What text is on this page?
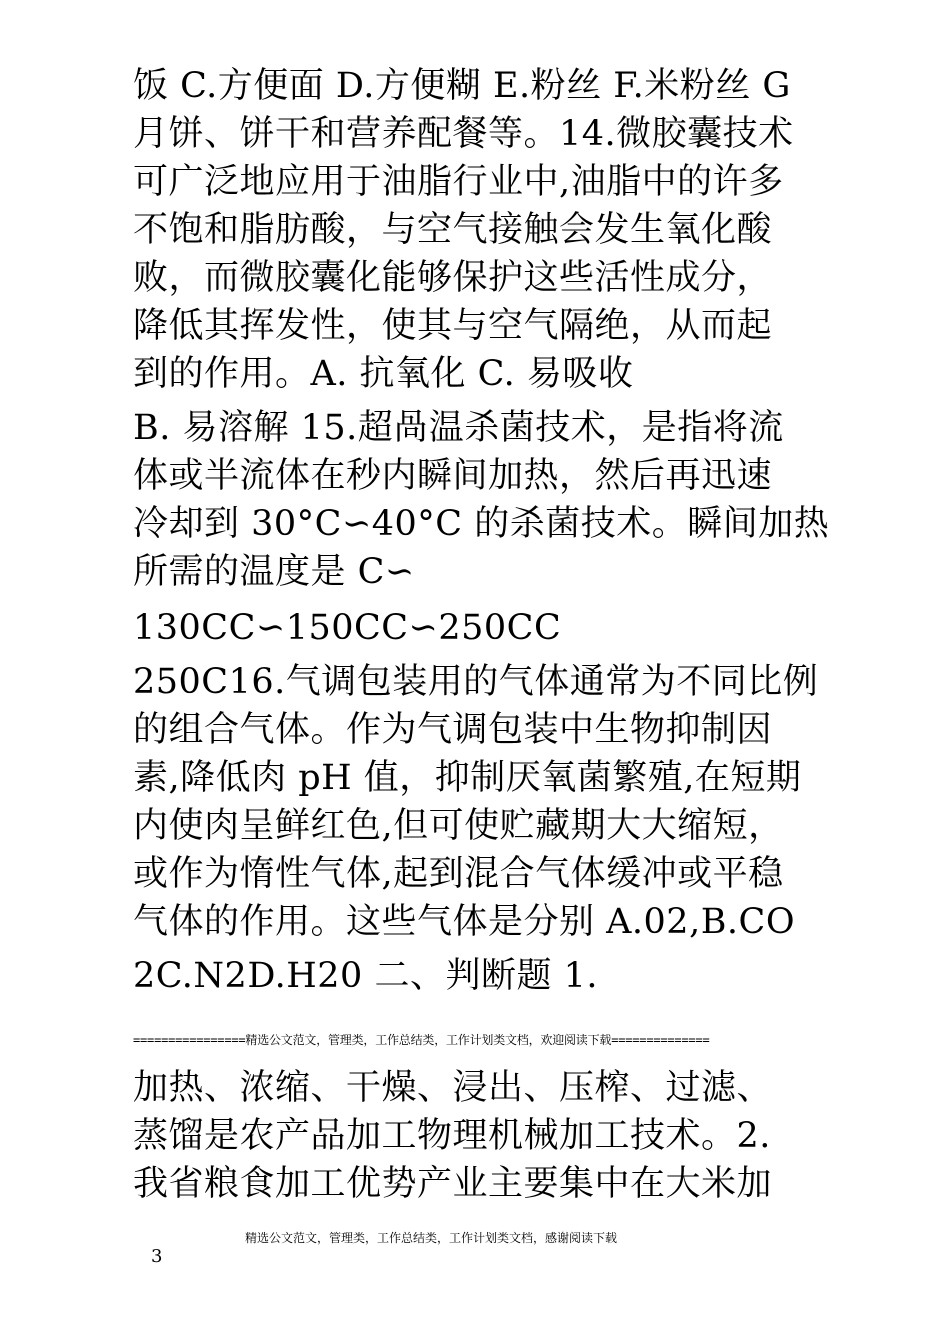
饭 C.方便面 D.方便糊 E.粉丝 F.米粉丝 G
月饼、饼干和营养配餐等。14.微胶囊技术
可广泛地应用于油脂行业中,油脂中的许多
不饱和脂肪酸，与空气接触会发生氧化酸
败，而微胶囊化能够保护这些活性成分，
降低其挥发性，使其与空气隔绝，从而起
到的作用。A. 抗氧化 C. 易吸收
B. 易溶解 15.超咼温杀菌技术，是指将流
体或半流体在秒内瞬间加热，然后再迅速
冷却到 30°C∽40°C 的杀菌技术。瞬间加热
所需的温度是 C∽
130CC∽150CC∽250CC
250C16.气调包装用的气体通常为不同比例
的组合气体。作为气调包装中生物抑制因
素,降低肉 pH 值，抑制厌氧菌繁殖,在短期
内使肉呈鲜红色,但可使贮藏期大大缩短，
或作为惰性气体,起到混合气体缓冲或平稳
气体的作用。这些气体是分别 A.02,B.CO
2C.N2D.H20 二、判断题 1.
================精选公文范文，管理类，工作总结类，工作计划类文档，欢迎阅读下载==============
加热、浓缩、干燥、浸出、压榨、过滤、
蒸馏是农产品加工物理机械加工技术。2.
我省粮食加工优势产业主要集中在大米加
精选公文范文，管理类，工作总结类，工作计划类文档，感谢阅读下载
3
